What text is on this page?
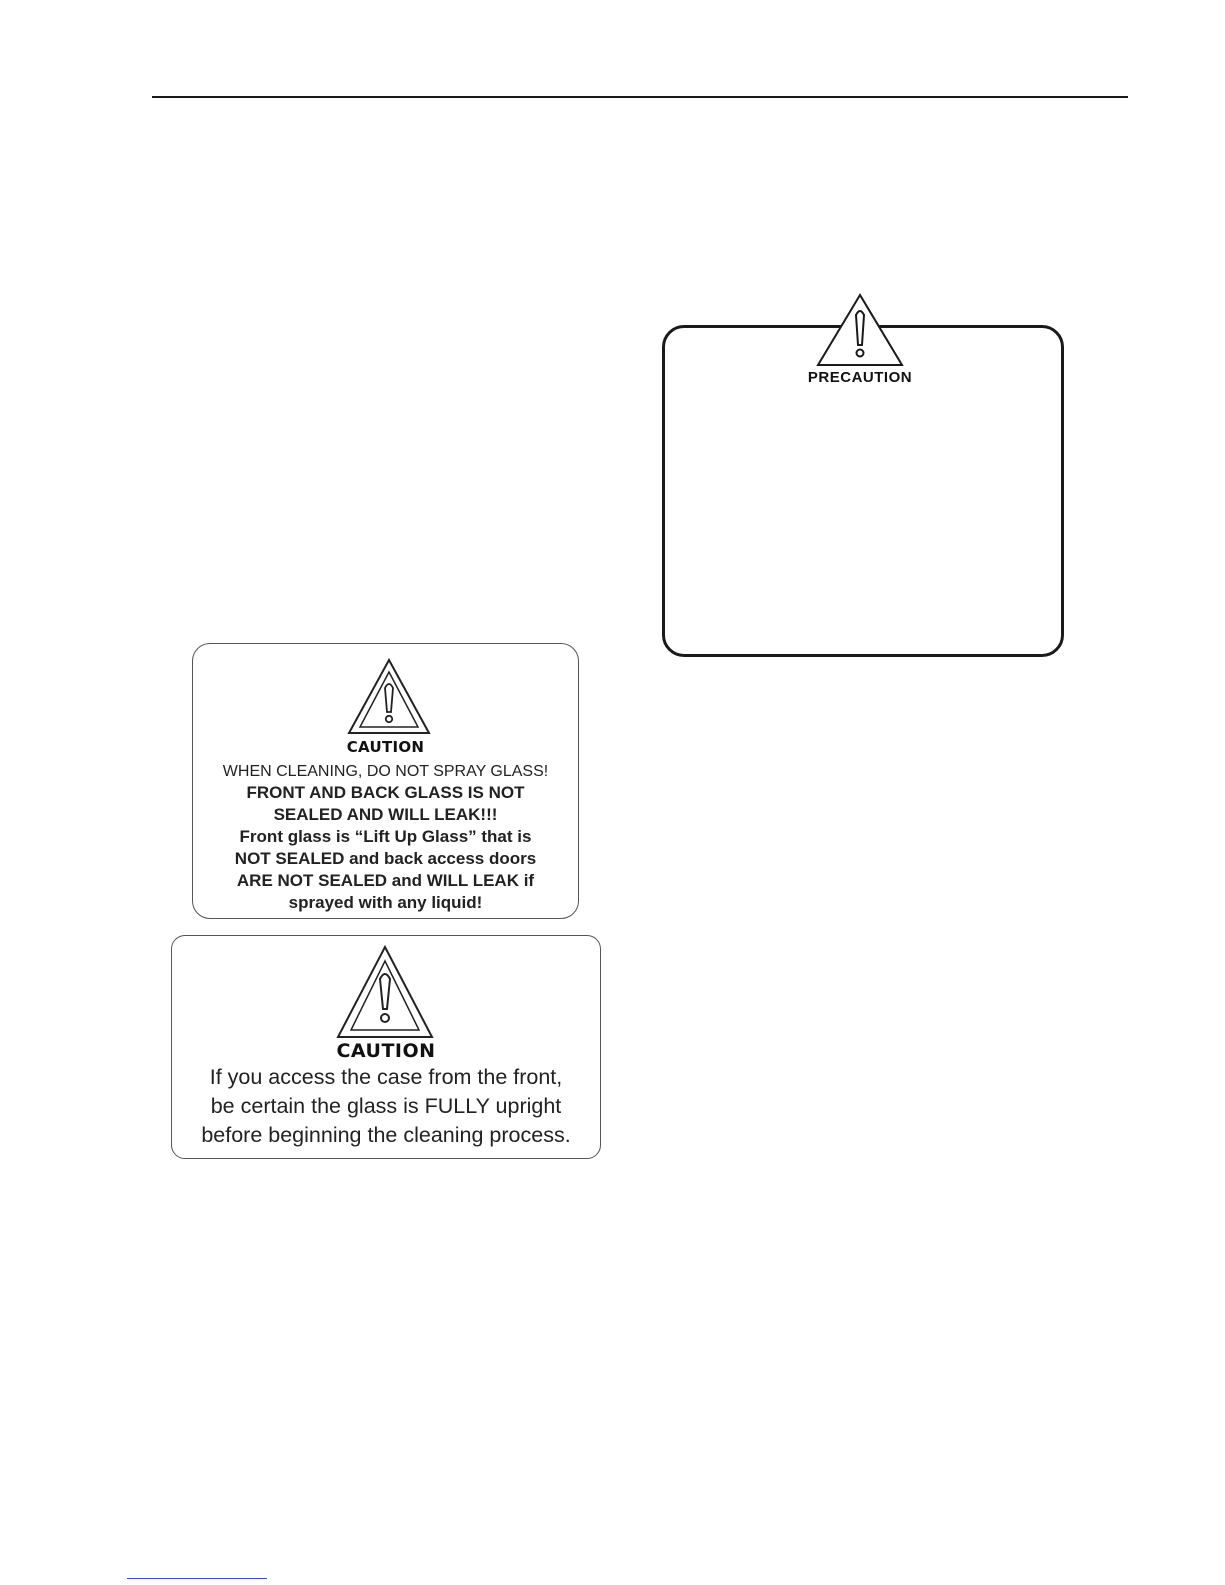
PRECAUTION
CAUTION
WHEN CLEANING, DO NOT SPRAY GLASS!
FRONT AND BACK GLASS IS NOT
SEALED AND WILL LEAK!!!
Front glass is “Lift Up Glass” that is
NOT SEALED and back access doors
ARE NOT SEALED and WILL LEAK if
sprayed with any liquid!
CAUTION
If you access the case from the front,
be certain the glass is FULLY upright
before beginning the cleaning process.
